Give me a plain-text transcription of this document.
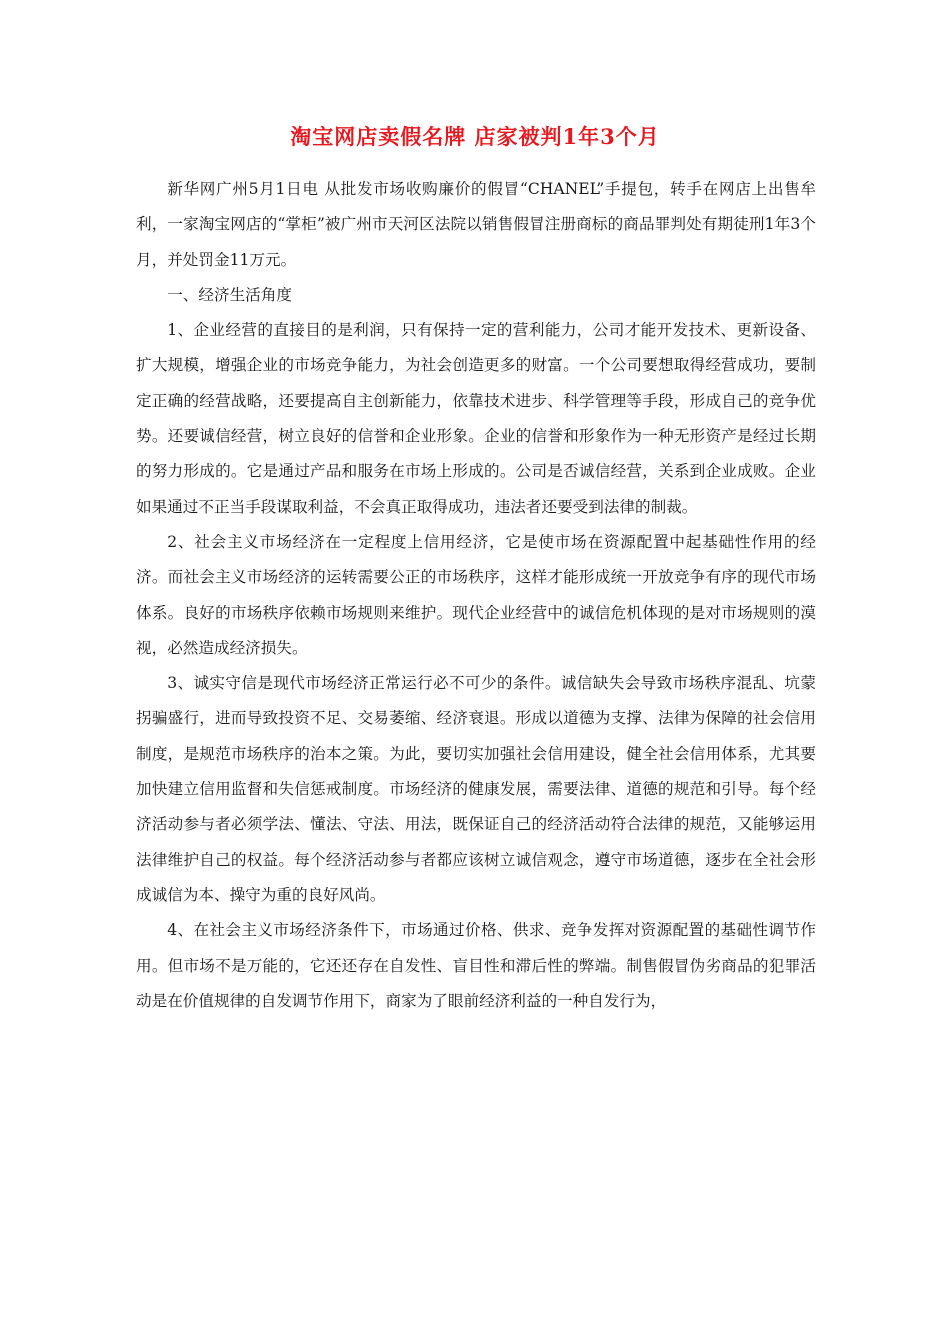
淘宝网店卖假名牌 店家被判1年3个月

新华网广州5月1日电 从批发市场收购廉价的假冒“CHANEL”手提包，转手在网店上出售牟利，一家淘宝网店的“掌柜”被广州市天河区法院以销售假冒注册商标的商品罪判处有期徒刑1年3个月，并处罚金11万元。

一、经济生活角度

1、企业经营的直接目的是利润，只有保持一定的营利能力，公司才能开发技术、更新设备、扩大规模，增强企业的市场竞争能力，为社会创造更多的财富。一个公司要想取得经营成功，要制定正确的经营战略，还要提高自主创新能力，依靠技术进步、科学管理等手段，形成自己的竞争优势。还要诚信经营，树立良好的信誉和企业形象。企业的信誉和形象作为一种无形资产是经过长期的努力形成的。它是通过产品和服务在市场上形成的。公司是否诚信经营，关系到企业成败。企业如果通过不正当手段谋取利益，不会真正取得成功，违法者还要受到法律的制裁。

2、社会主义市场经济在一定程度上信用经济，它是使市场在资源配置中起基础性作用的经济。而社会主义市场经济的运转需要公正的市场秩序，这样才能形成统一开放竞争有序的现代市场体系。良好的市场秩序依赖市场规则来维护。现代企业经营中的诚信危机体现的是对市场规则的漠视，必然造成经济损失。

3、诚实守信是现代市场经济正常运行必不可少的条件。诚信缺失会导致市场秩序混乱、坑蒙拐骗盛行，进而导致投资不足、交易萎缩、经济衰退。形成以道德为支撑、法律为保障的社会信用制度，是规范市场秩序的治本之策。为此，要切实加强社会信用建设，健全社会信用体系，尤其要加快建立信用监督和失信惩戒制度。市场经济的健康发展，需要法律、道德的规范和引导。每个经济活动参与者必须学法、懂法、守法、用法，既保证自己的经济活动符合法律的规范，又能够运用法律维护自己的权益。每个经济活动参与者都应该树立诚信观念，遵守市场道德，逐步在全社会形成诚信为本、操守为重的良好风尚。

4、在社会主义市场经济条件下，市场通过价格、供求、竞争发挥对资源配置的基础性调节作用。但市场不是万能的，它还还存在自发性、盲目性和滞后性的弊端。制售假冒伪劣商品的犯罪活动是在价值规律的自发调节作用下，商家为了眼前经济利益的一种自发行为，
